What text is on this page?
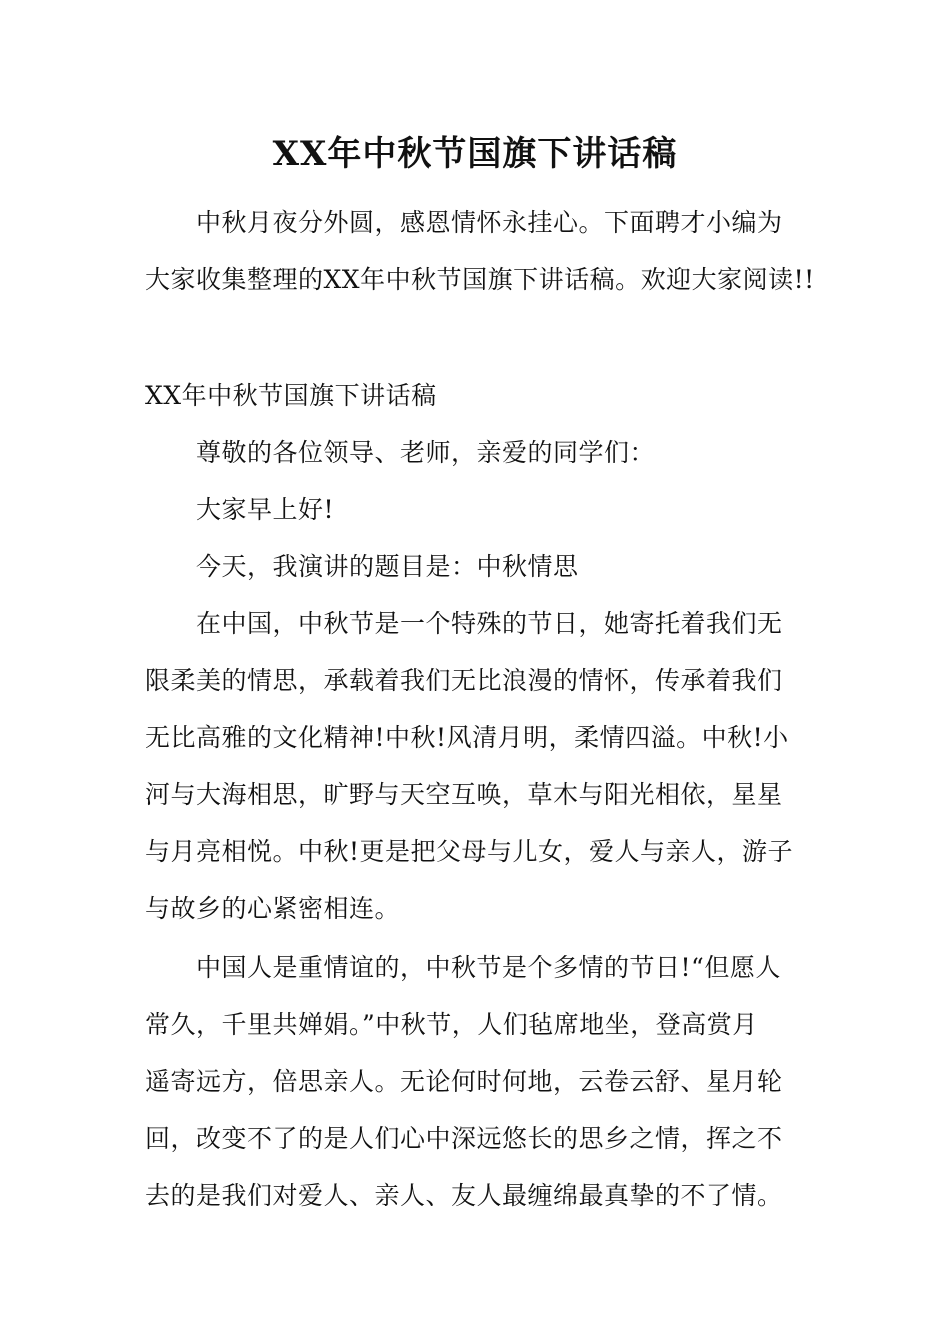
XX年中秋节国旗下讲话稿
中秋月夜分外圆，感恩情怀永挂心。下面聘才小编为
大家收集整理的XX年中秋节国旗下讲话稿。欢迎大家阅读!!
XX年中秋节国旗下讲话稿
尊敬的各位领导、老师，亲爱的同学们：
大家早上好!
今天，我演讲的题目是：中秋情思
在中国，中秋节是一个特殊的节日，她寄托着我们无
限柔美的情思，承载着我们无比浪漫的情怀，传承着我们
无比高雅的文化精神!中秋!风清月明，柔情四溢。中秋!小
河与大海相思，旷野与天空互唤，草木与阳光相依，星星
与月亮相悦。中秋!更是把父母与儿女，爱人与亲人，游子
与故乡的心紧密相连。
中国人是重情谊的，中秋节是个多情的节日!“但愿人
常久，千里共婵娟。”中秋节，人们毡席地坐，登高赏月
遥寄远方，倍思亲人。无论何时何地，云卷云舒、星月轮
回，改变不了的是人们心中深远悠长的思乡之情，挥之不
去的是我们对爱人、亲人、友人最缠绵最真挚的不了情。
